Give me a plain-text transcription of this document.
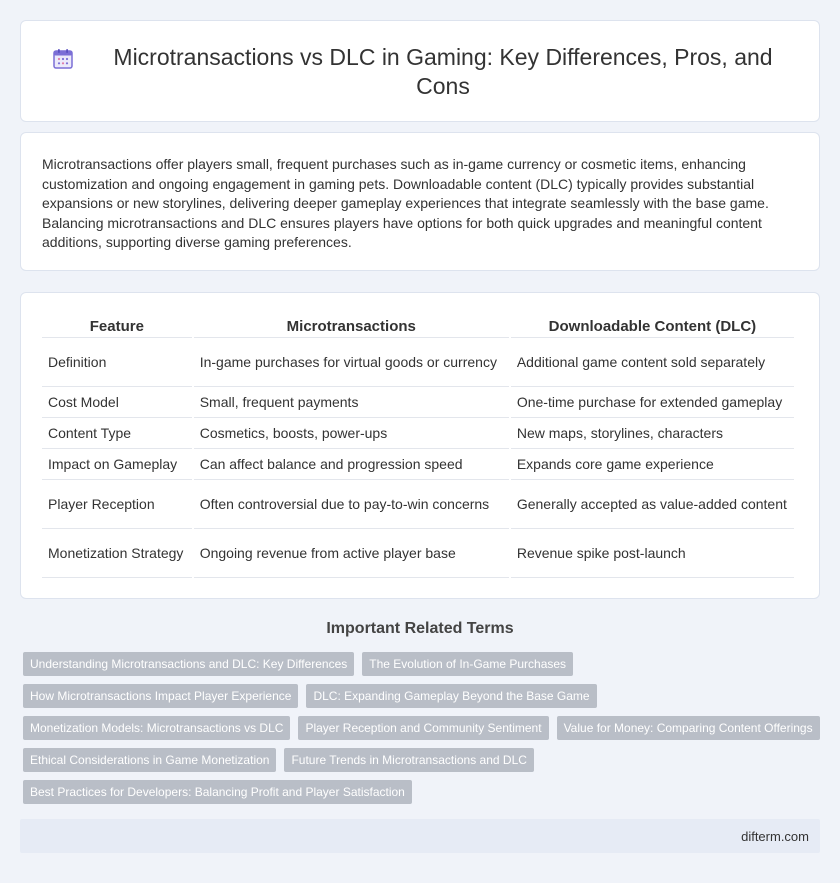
Microtransactions vs DLC in Gaming: Key Differences, Pros, and Cons

Microtransactions offer players small, frequent purchases such as in-game currency or cosmetic items, enhancing customization and ongoing engagement in gaming pets. Downloadable content (DLC) typically provides substantial expansions or new storylines, delivering deeper gameplay experiences that integrate seamlessly with the base game. Balancing microtransactions and DLC ensures players have options for both quick upgrades and meaningful content additions, supporting diverse gaming preferences.

Feature	Microtransactions	Downloadable Content (DLC)
Definition	In-game purchases for virtual goods or currency	Additional game content sold separately
Cost Model	Small, frequent payments	One-time purchase for extended gameplay
Content Type	Cosmetics, boosts, power-ups	New maps, storylines, characters
Impact on Gameplay	Can affect balance and progression speed	Expands core game experience
Player Reception	Often controversial due to pay-to-win concerns	Generally accepted as value-added content
Monetization Strategy	Ongoing revenue from active player base	Revenue spike post-launch
Important Related Terms
Understanding Microtransactions and DLC: Key Differences	The Evolution of In-Game Purchases
How Microtransactions Impact Player Experience	DLC: Expanding Gameplay Beyond the Base Game
Monetization Models: Microtransactions vs DLC	Player Reception and Community Sentiment	Value for Money: Comparing Content Offerings
Ethical Considerations in Game Monetization	Future Trends in Microtransactions and DLC
Best Practices for Developers: Balancing Profit and Player Satisfaction
difterm.com
